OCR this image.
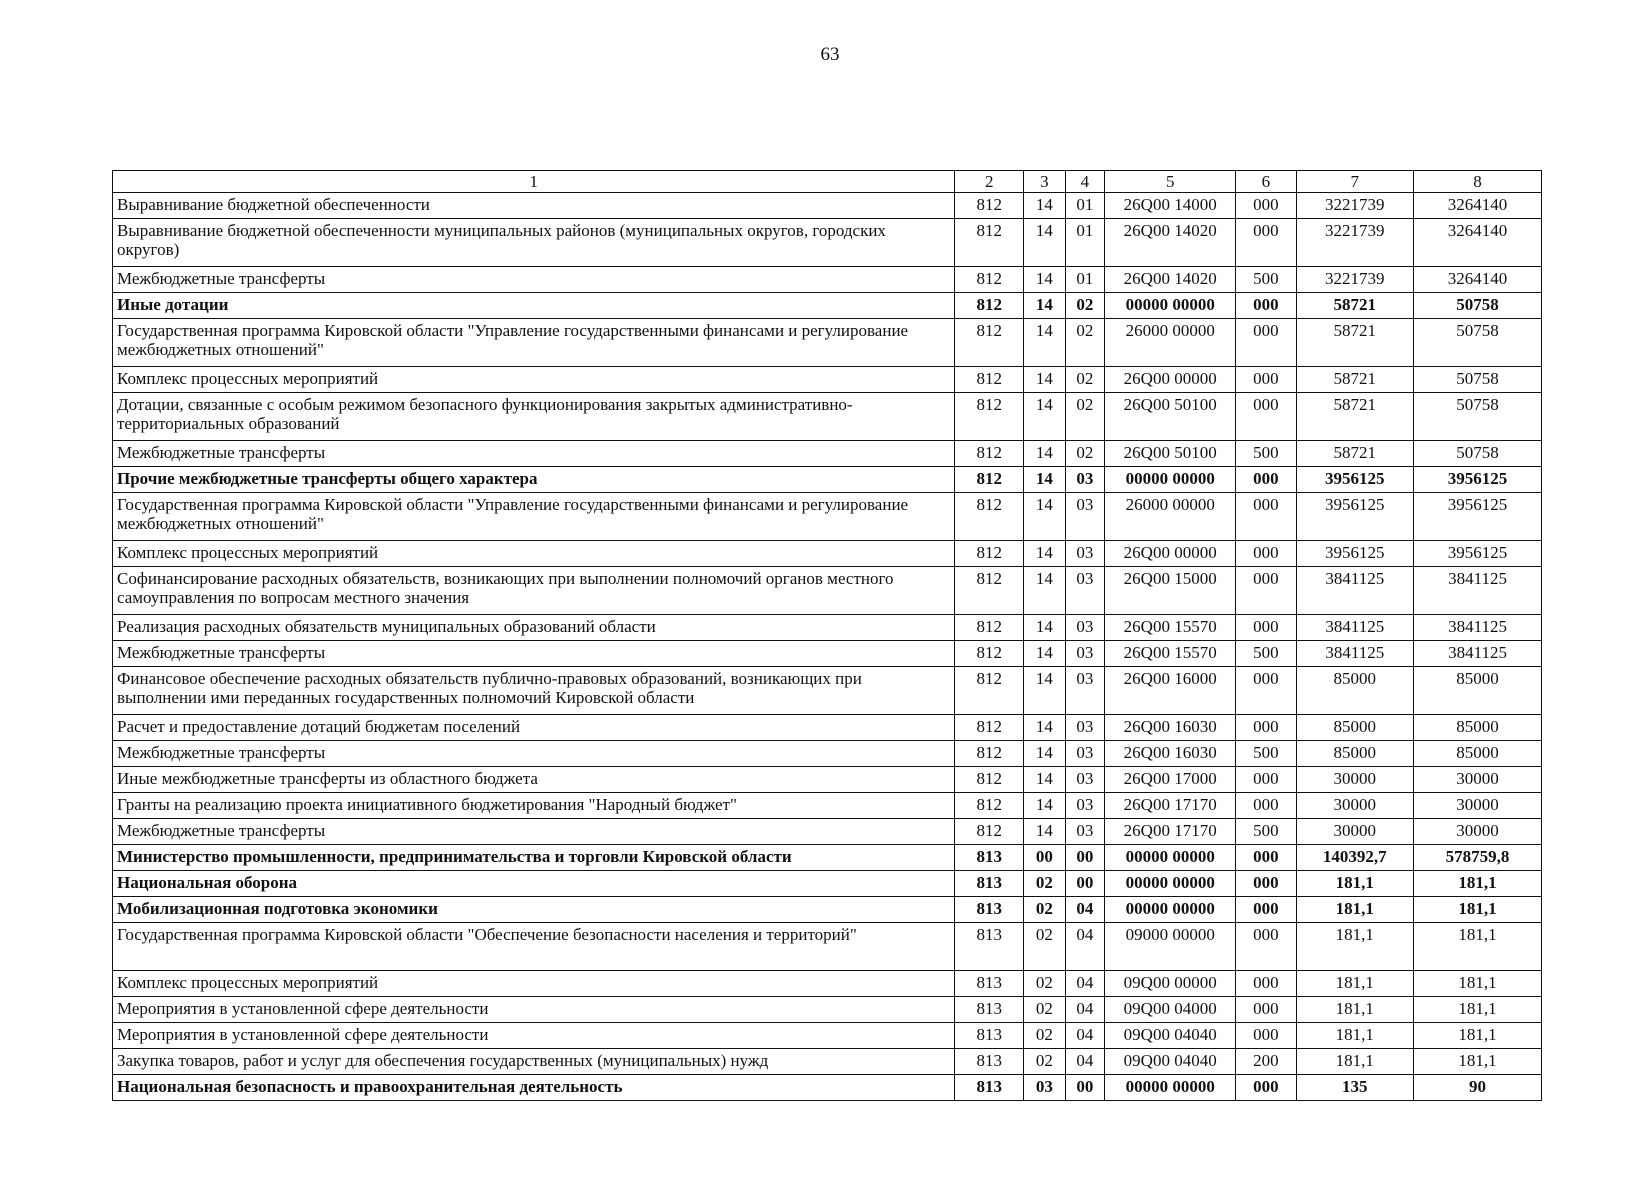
63
1	2	3	4	5	6	7	8
Выравнивание бюджетной обеспеченности	812	14	01	26Q00 14000	000	3221739	3264140
Выравнивание бюджетной обеспеченности муниципальных районов (муниципальных округов, городских округов)	812	14	01	26Q00 14020	000	3221739	3264140
Межбюджетные трансферты	812	14	01	26Q00 14020	500	3221739	3264140
Иные дотации	812	14	02	00000 00000	000	58721	50758
Государственная программа Кировской области "Управление государственными финансами и регулирование межбюджетных отношений"	812	14	02	26000 00000	000	58721	50758
Комплекс процессных мероприятий	812	14	02	26Q00 00000	000	58721	50758
Дотации, связанные с особым режимом безопасного функционирования закрытых административно-территориальных образований	812	14	02	26Q00 50100	000	58721	50758
Межбюджетные трансферты	812	14	02	26Q00 50100	500	58721	50758
Прочие межбюджетные трансферты общего характера	812	14	03	00000 00000	000	3956125	3956125
Государственная программа Кировской области "Управление государственными финансами и регулирование межбюджетных отношений"	812	14	03	26000 00000	000	3956125	3956125
Комплекс процессных мероприятий	812	14	03	26Q00 00000	000	3956125	3956125
Софинансирование расходных обязательств, возникающих при выполнении полномочий органов местного самоуправления по вопросам местного значения	812	14	03	26Q00 15000	000	3841125	3841125
Реализация расходных обязательств муниципальных образований области	812	14	03	26Q00 15570	000	3841125	3841125
Межбюджетные трансферты	812	14	03	26Q00 15570	500	3841125	3841125
Финансовое обеспечение расходных обязательств публично-правовых образований, возникающих при выполнении ими переданных государственных полномочий Кировской области	812	14	03	26Q00 16000	000	85000	85000
Расчет и предоставление дотаций бюджетам поселений	812	14	03	26Q00 16030	000	85000	85000
Межбюджетные трансферты	812	14	03	26Q00 16030	500	85000	85000
Иные межбюджетные трансферты из областного бюджета	812	14	03	26Q00 17000	000	30000	30000
Гранты на реализацию проекта инициативного бюджетирования "Народный бюджет"	812	14	03	26Q00 17170	000	30000	30000
Межбюджетные трансферты	812	14	03	26Q00 17170	500	30000	30000
Министерство промышленности, предпринимательства и торговли Кировской области	813	00	00	00000 00000	000	140392,7	578759,8
Национальная оборона	813	02	00	00000 00000	000	181,1	181,1
Мобилизационная подготовка экономики	813	02	04	00000 00000	000	181,1	181,1
Государственная программа Кировской области "Обеспечение безопасности населения и территорий"	813	02	04	09000 00000	000	181,1	181,1
Комплекс процессных мероприятий	813	02	04	09Q00 00000	000	181,1	181,1
Мероприятия в установленной сфере деятельности	813	02	04	09Q00 04000	000	181,1	181,1
Мероприятия в установленной сфере деятельности	813	02	04	09Q00 04040	000	181,1	181,1
Закупка товаров, работ и услуг для обеспечения государственных (муниципальных) нужд	813	02	04	09Q00 04040	200	181,1	181,1
Национальная безопасность и правоохранительная деятельность	813	03	00	00000 00000	000	135	90
